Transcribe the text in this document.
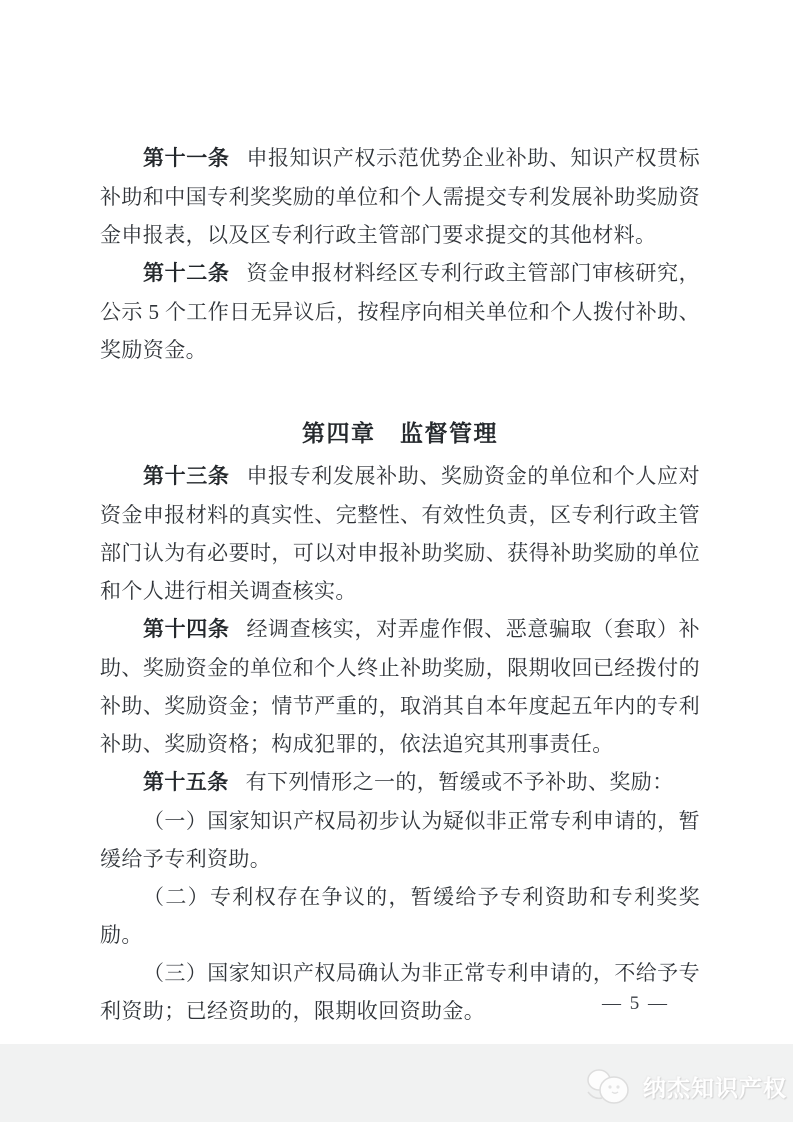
第十一条 申报知识产权示范优势企业补助、知识产权贯标补助和中国专利奖奖励的单位和个人需提交专利发展补助奖励资金申报表，以及区专利行政主管部门要求提交的其他材料。

第十二条 资金申报材料经区专利行政主管部门审核研究，公示 5 个工作日无异议后，按程序向相关单位和个人拨付补助、奖励资金。

第四章　监督管理

第十三条 申报专利发展补助、奖励资金的单位和个人应对资金申报材料的真实性、完整性、有效性负责，区专利行政主管部门认为有必要时，可以对申报补助奖励、获得补助奖励的单位和个人进行相关调查核实。

第十四条 经调查核实，对弄虚作假、恶意骗取（套取）补助、奖励资金的单位和个人终止补助奖励，限期收回已经拨付的补助、奖励资金；情节严重的，取消其自本年度起五年内的专利补助、奖励资格；构成犯罪的，依法追究其刑事责任。

第十五条 有下列情形之一的，暂缓或不予补助、奖励：

（一）国家知识产权局初步认为疑似非正常专利申请的，暂缓给予专利资助。

（二）专利权存在争议的，暂缓给予专利资助和专利奖奖励。

（三）国家知识产权局确认为非正常专利申请的，不给予专利资助；已经资助的，限期收回资助金。	— 5 —
纳杰知识产权
